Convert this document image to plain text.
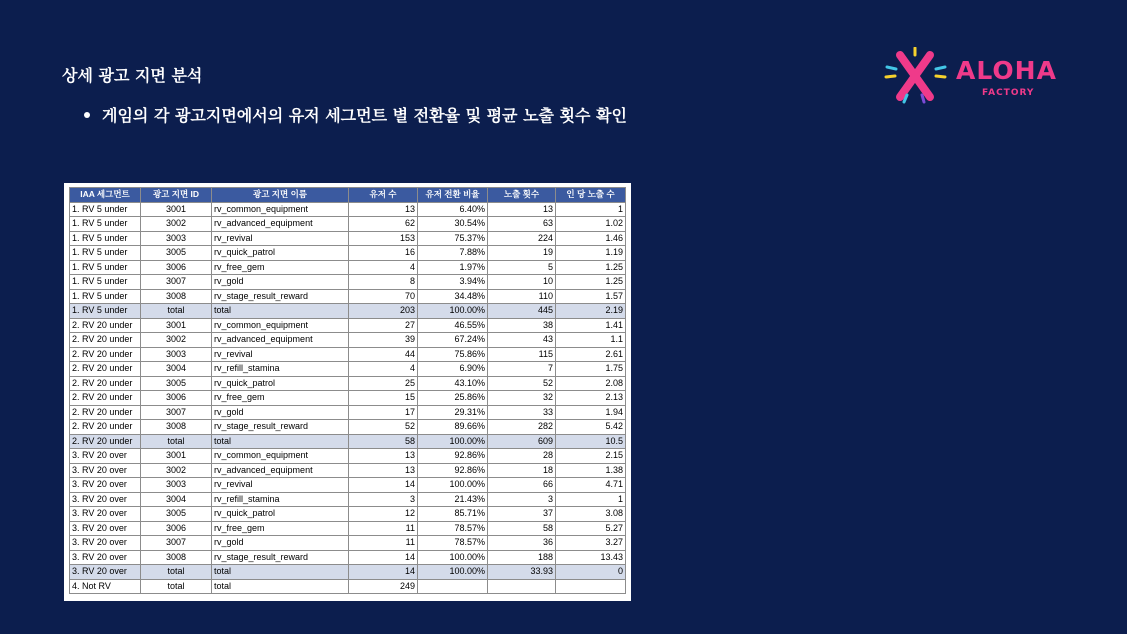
상세 광고 지면 분석
게임의 각 광고지면에서의 유저 세그먼트 별 전환율 및 평균 노출 횟수 확인
ALOHA
FACTORY
IAA 세그먼트	광고 지면 ID	광고 지면 이름	유저 수	유저 전환 비율	노출 횟수	인 당 노출 수
1. RV 5 under	3001	rv_common_equipment	13	6.40%	13	1
1. RV 5 under	3002	rv_advanced_equipment	62	30.54%	63	1.02
1. RV 5 under	3003	rv_revival	153	75.37%	224	1.46
1. RV 5 under	3005	rv_quick_patrol	16	7.88%	19	1.19
1. RV 5 under	3006	rv_free_gem	4	1.97%	5	1.25
1. RV 5 under	3007	rv_gold	8	3.94%	10	1.25
1. RV 5 under	3008	rv_stage_result_reward	70	34.48%	110	1.57
1. RV 5 under	total	total	203	100.00%	445	2.19
2. RV 20 under	3001	rv_common_equipment	27	46.55%	38	1.41
2. RV 20 under	3002	rv_advanced_equipment	39	67.24%	43	1.1
2. RV 20 under	3003	rv_revival	44	75.86%	115	2.61
2. RV 20 under	3004	rv_refill_stamina	4	6.90%	7	1.75
2. RV 20 under	3005	rv_quick_patrol	25	43.10%	52	2.08
2. RV 20 under	3006	rv_free_gem	15	25.86%	32	2.13
2. RV 20 under	3007	rv_gold	17	29.31%	33	1.94
2. RV 20 under	3008	rv_stage_result_reward	52	89.66%	282	5.42
2. RV 20 under	total	total	58	100.00%	609	10.5
3. RV 20 over	3001	rv_common_equipment	13	92.86%	28	2.15
3. RV 20 over	3002	rv_advanced_equipment	13	92.86%	18	1.38
3. RV 20 over	3003	rv_revival	14	100.00%	66	4.71
3. RV 20 over	3004	rv_refill_stamina	3	21.43%	3	1
3. RV 20 over	3005	rv_quick_patrol	12	85.71%	37	3.08
3. RV 20 over	3006	rv_free_gem	11	78.57%	58	5.27
3. RV 20 over	3007	rv_gold	11	78.57%	36	3.27
3. RV 20 over	3008	rv_stage_result_reward	14	100.00%	188	13.43
3. RV 20 over	total	total	14	100.00%	33.93	0
4. Not RV	total	total	249			
